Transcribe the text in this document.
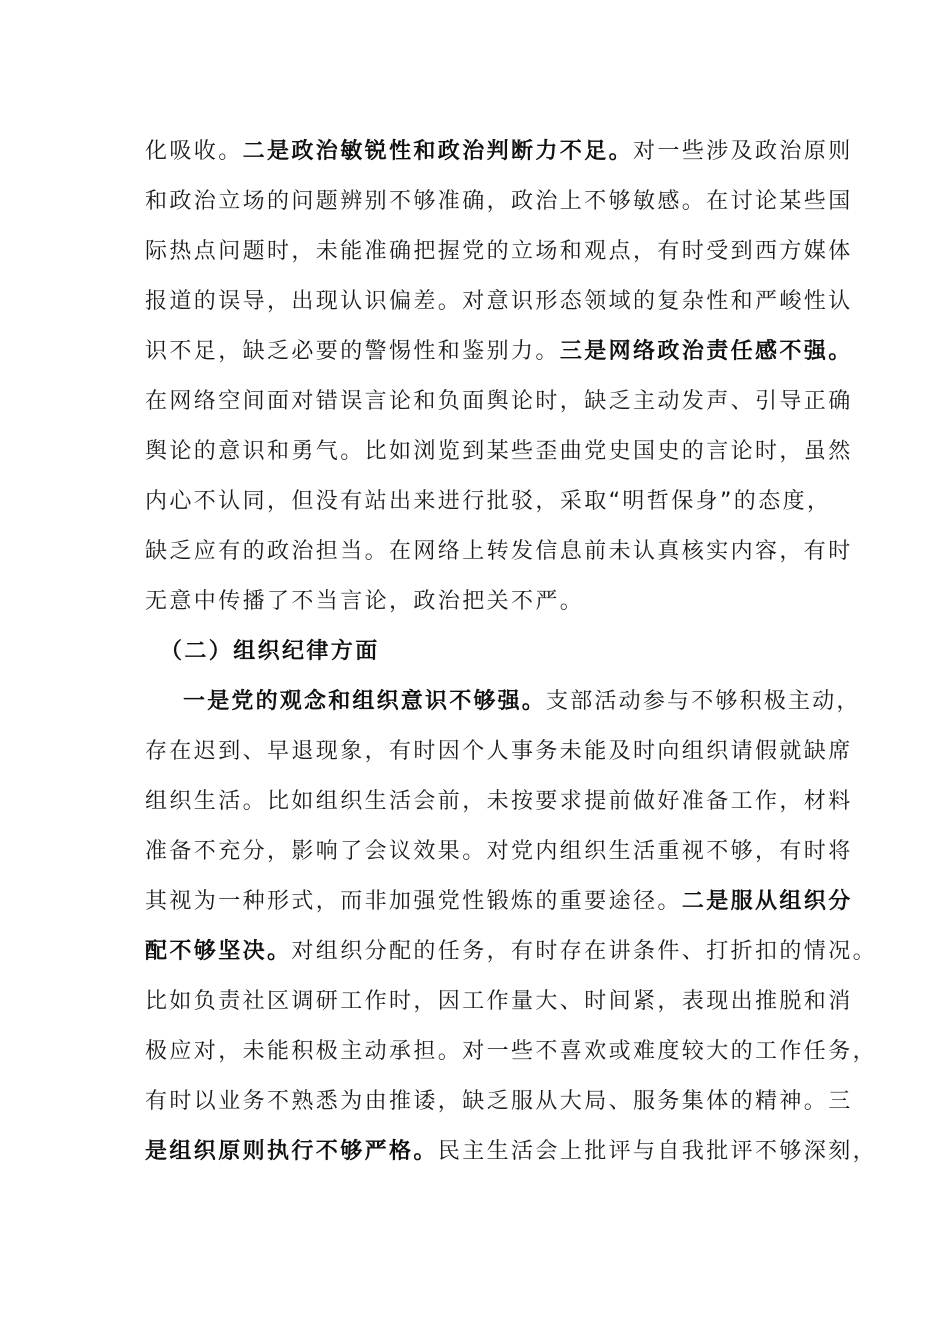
化吸收。二是政治敏锐性和政治判断力不足。对一些涉及政治原则

和政治立场的问题辨别不够准确，政治上不够敏感。在讨论某些国

际热点问题时，未能准确把握党的立场和观点，有时受到西方媒体

报道的误导，出现认识偏差。对意识形态领域的复杂性和严峻性认

识不足，缺乏必要的警惕性和鉴别力。三是网络政治责任感不强。

在网络空间面对错误言论和负面舆论时，缺乏主动发声、引导正确

舆论的意识和勇气。比如浏览到某些歪曲党史国史的言论时，虽然

内心不认同，但没有站出来进行批驳，采取“明哲保身”的态度，

缺乏应有的政治担当。在网络上转发信息前未认真核实内容，有时

无意中传播了不当言论，政治把关不严。

（二）组织纪律方面

一是党的观念和组织意识不够强。支部活动参与不够积极主动，

存在迟到、早退现象，有时因个人事务未能及时向组织请假就缺席

组织生活。比如组织生活会前，未按要求提前做好准备工作，材料

准备不充分，影响了会议效果。对党内组织生活重视不够，有时将

其视为一种形式，而非加强党性锻炼的重要途径。二是服从组织分

配不够坚决。对组织分配的任务，有时存在讲条件、打折扣的情况。

比如负责社区调研工作时，因工作量大、时间紧，表现出推脱和消

极应对，未能积极主动承担。对一些不喜欢或难度较大的工作任务，

有时以业务不熟悉为由推诿，缺乏服从大局、服务集体的精神。三

是组织原则执行不够严格。民主生活会上批评与自我批评不够深刻，
